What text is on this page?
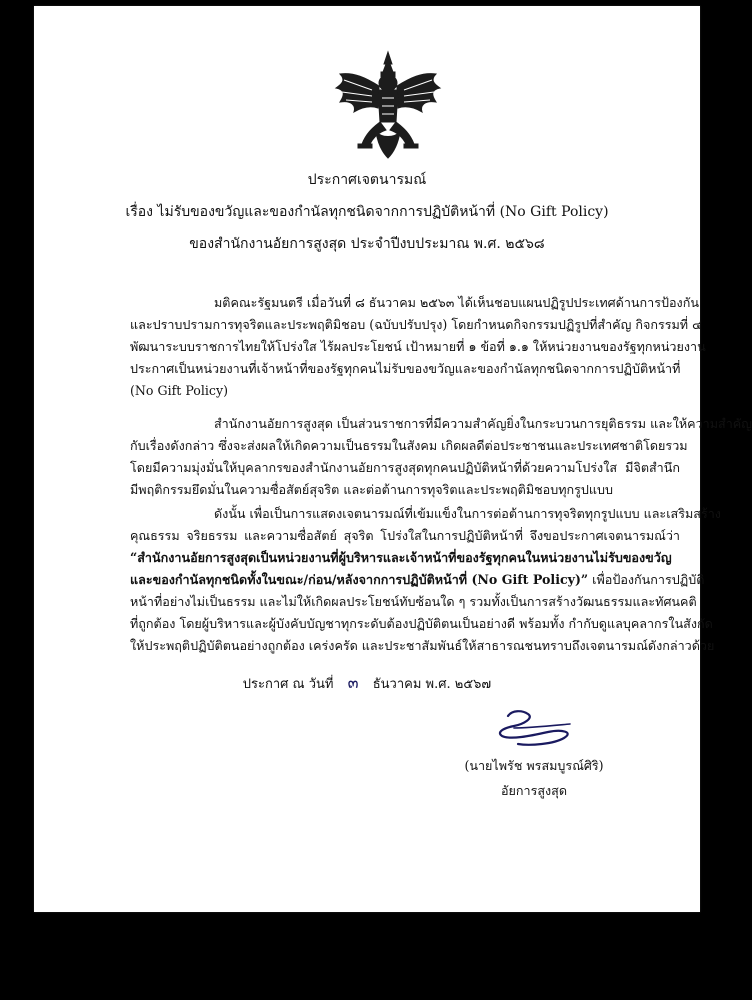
ประกาศเจตนารมณ์
เรื่อง ไม่รับของขวัญและของกำนัลทุกชนิดจากการปฏิบัติหน้าที่ (No Gift Policy)
ของสำนักงานอัยการสูงสุด ประจำปีงบประมาณ พ.ศ. ๒๕๖๘
มติคณะรัฐมนตรี เมื่อวันที่ ๘ ธันวาคม ๒๕๖๓ ได้เห็นชอบแผนปฏิรูปประเทศด้านการป้องกัน
และปราบปรามการทุจริตและประพฤติมิชอบ (ฉบับปรับปรุง) โดยกำหนดกิจกรรมปฏิรูปที่สำคัญ กิจกรรมที่ ๔
พัฒนาระบบราชการไทยให้โปร่งใส ไร้ผลประโยชน์ เป้าหมายที่ ๑ ข้อที่ ๑.๑ ให้หน่วยงานของรัฐทุกหน่วยงาน
ประกาศเป็นหน่วยงานที่เจ้าหน้าที่ของรัฐทุกคนไม่รับของขวัญและของกำนัลทุกชนิดจากการปฏิบัติหน้าที่
(No Gift Policy)
สำนักงานอัยการสูงสุด เป็นส่วนราชการที่มีความสำคัญยิ่งในกระบวนการยุติธรรม และให้ความสำคัญ
กับเรื่องดังกล่าว ซึ่งจะส่งผลให้เกิดความเป็นธรรมในสังคม เกิดผลดีต่อประชาชนและประเทศชาติโดยรวม
โดยมีความมุ่งมั่นให้บุคลากรของสำนักงานอัยการสูงสุดทุกคนปฏิบัติหน้าที่ด้วยความโปร่งใส มีจิตสำนึก
มีพฤติกรรมยึดมั่นในความซื่อสัตย์สุจริต และต่อต้านการทุจริตและประพฤติมิชอบทุกรูปแบบ
ดังนั้น เพื่อเป็นการแสดงเจตนารมณ์ที่เข้มแข็งในการต่อต้านการทุจริตทุกรูปแบบ และเสริมสร้าง
คุณธรรม จริยธรรม และความซื่อสัตย์ สุจริต โปร่งใสในการปฏิบัติหน้าที่ จึงขอประกาศเจตนารมณ์ว่า
“สำนักงานอัยการสูงสุดเป็นหน่วยงานที่ผู้บริหารและเจ้าหน้าที่ของรัฐทุกคนในหน่วยงานไม่รับของขวัญ
และของกำนัลทุกชนิดทั้งในขณะ/ก่อน/หลังจากการปฏิบัติหน้าที่ (No Gift Policy)” เพื่อป้องกันการปฏิบัติ
หน้าที่อย่างไม่เป็นธรรม และไม่ให้เกิดผลประโยชน์ทับซ้อนใด ๆ รวมทั้งเป็นการสร้างวัฒนธรรมและทัศนคติ
ที่ถูกต้อง โดยผู้บริหารและผู้บังคับบัญชาทุกระดับต้องปฏิบัติตนเป็นอย่างดี พร้อมทั้ง กำกับดูแลบุคลากรในสังกัด
ให้ประพฤติปฏิบัติตนอย่างถูกต้อง เคร่งครัด และประชาสัมพันธ์ให้สาธารณชนทราบถึงเจตนารมณ์ดังกล่าวด้วย
ประกาศ ณ วันที่ ๓ ธันวาคม พ.ศ. ๒๕๖๗
(นายไพรัช พรสมบูรณ์ศิริ)
อัยการสูงสุด
